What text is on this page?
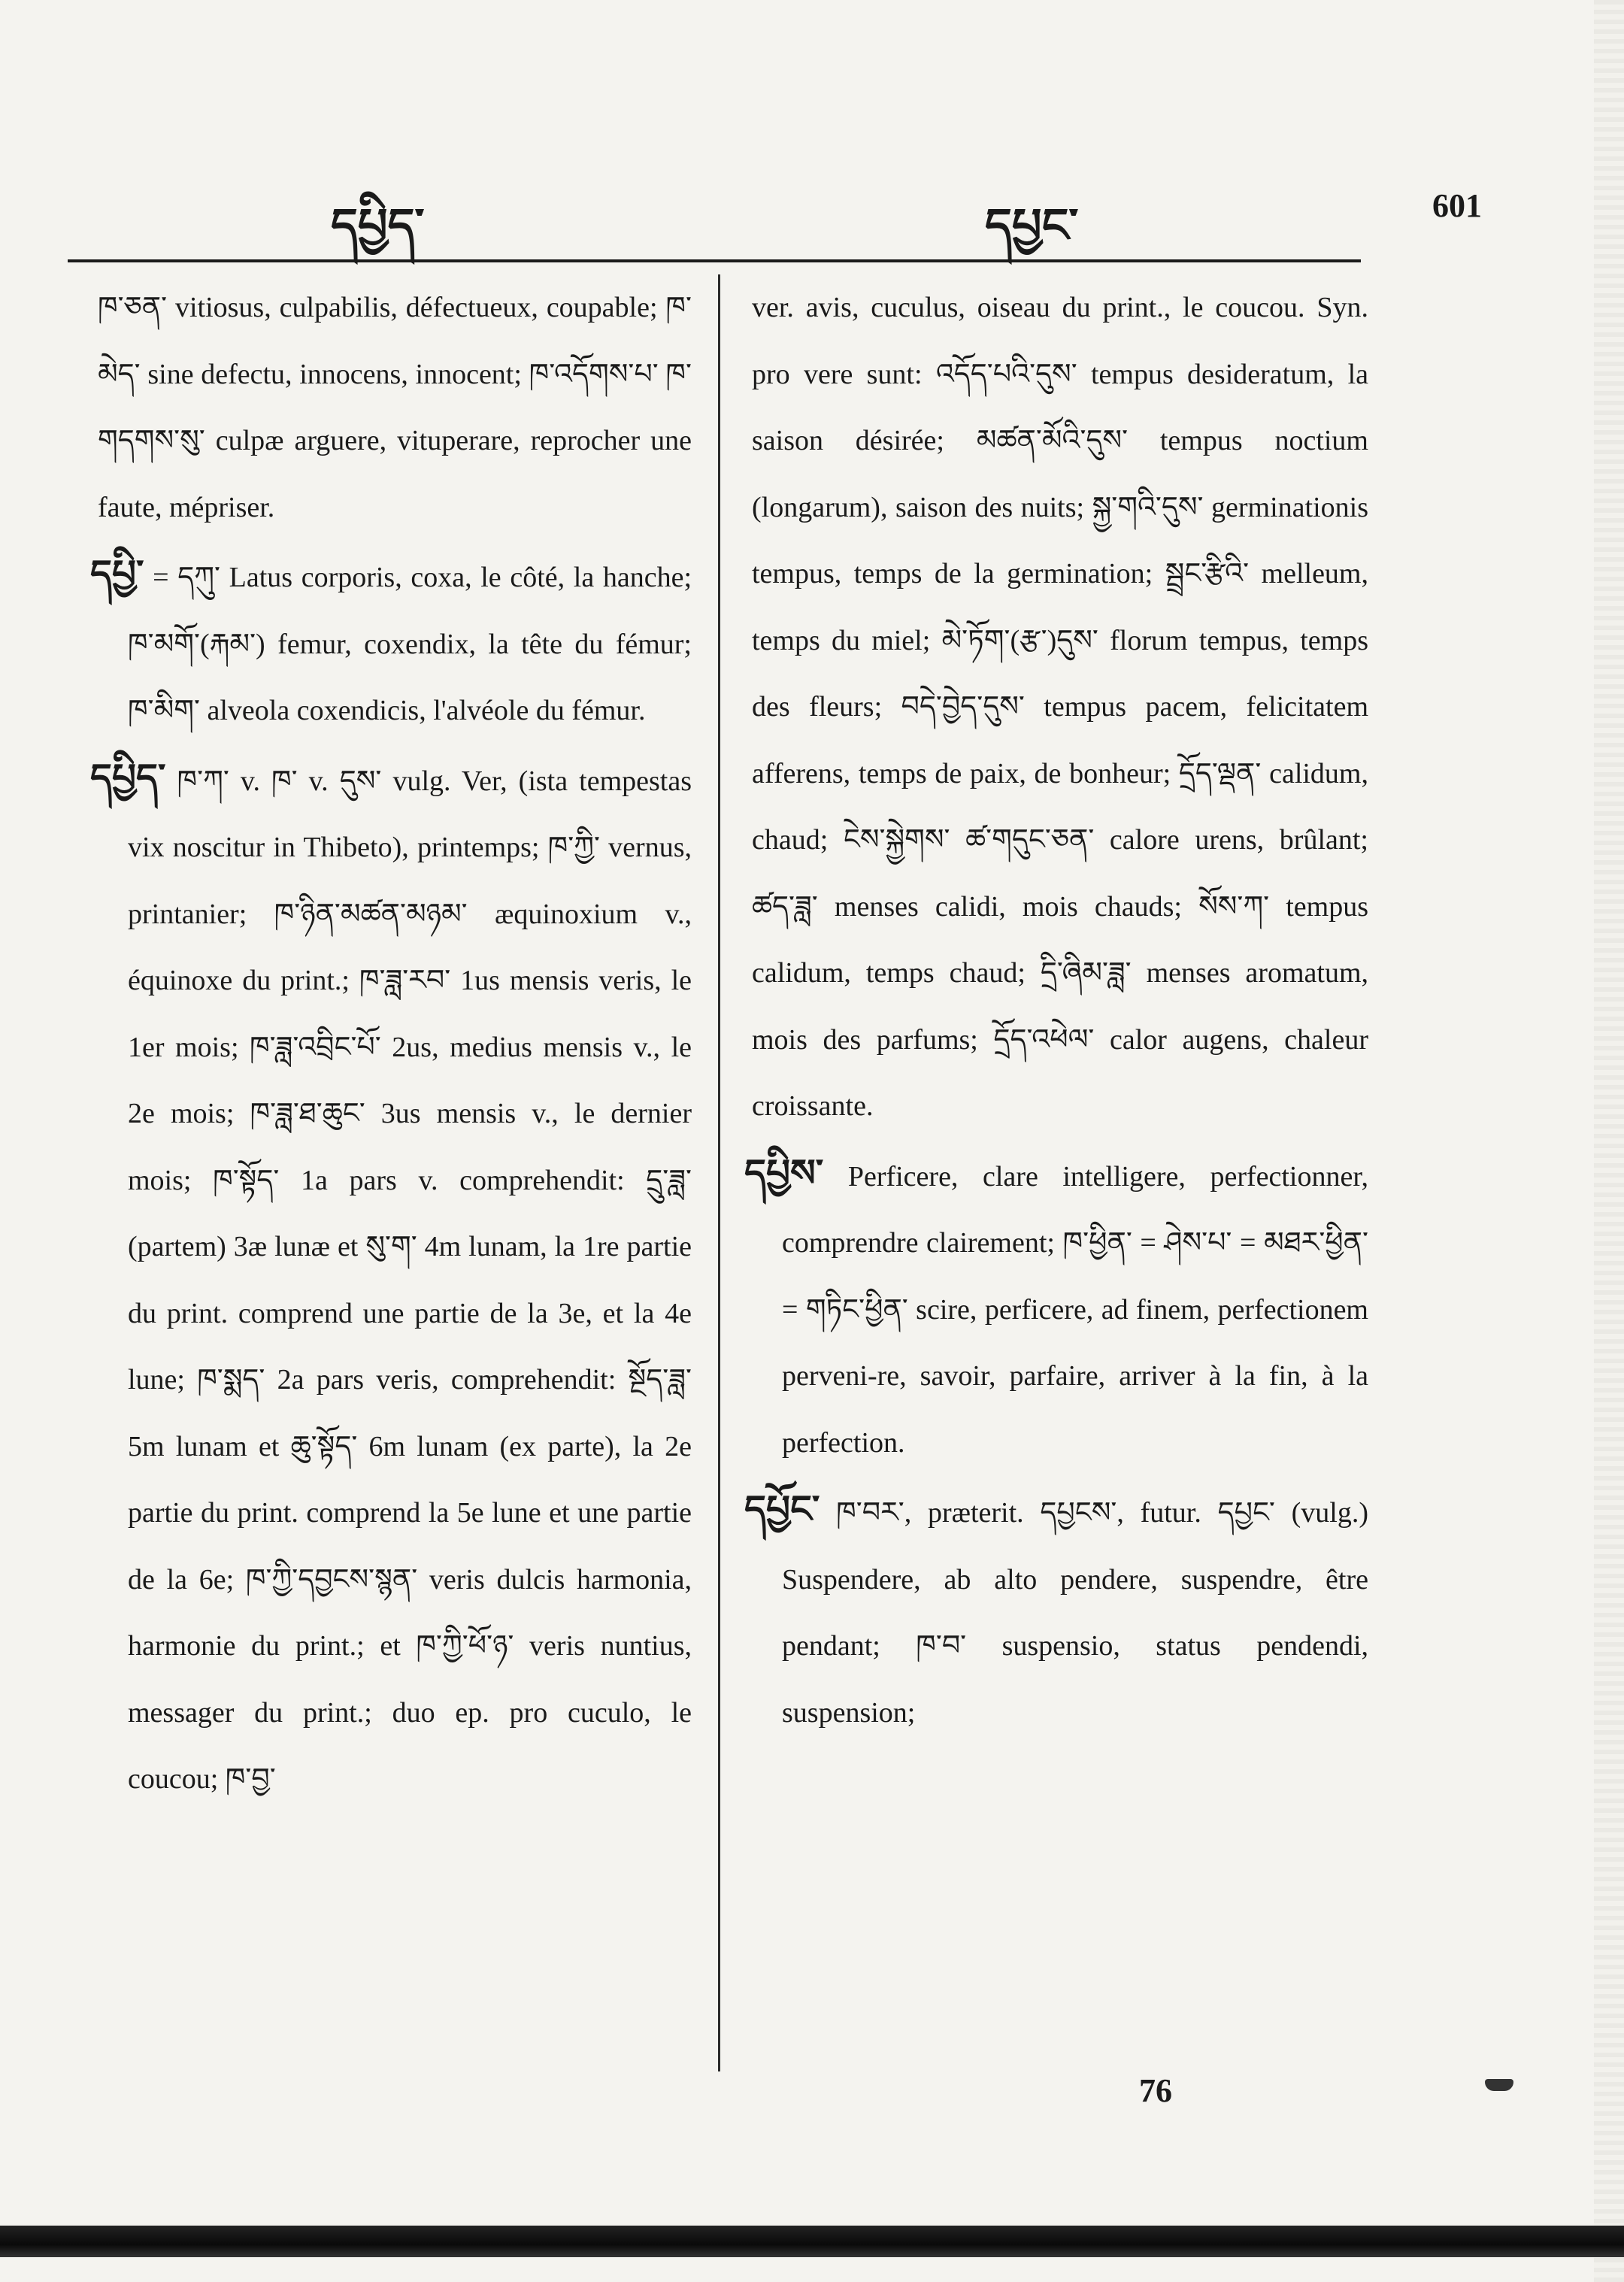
དཔྱིད་	དཔྱང་	601

ཁ་ཅན་ vitiosus, culpabilis, défectueux, coupable; ཁ་མེད་ sine defectu, innocens, innocent; ཁ་འདོགས་པ་ ཁ་གདགས་སུ་ culpæ arguere, vituperare, reprocher une faute, mépriser.

དཔྱི་ = དཀུ་ Latus corporis, coxa, le côté, la hanche; ཁ་མགོ་(རྐམ་) femur, coxendix, la tête du fémur; ཁ་མིག་ alveola coxendicis, l'alvéole du fémur.

དཔྱིད་ ཁ་ཀ་ v. ཁ་ v. དུས་ vulg. Ver, (ista tempestas vix noscitur in Thibeto), printemps; ཁ་ཀྱི་ vernus, printanier; ཁ་ཉིན་མཚན་མཉམ་ æquinoxium v., équinoxe du print.; ཁ་ཟླ་རབ་ 1us mensis veris, le 1er mois; ཁ་ཟླ་འབྲིང་པོ་ 2us, medius mensis v., le 2e mois; ཁ་ཟླ་ཐ་ཆུང་ 3us mensis v., le dernier mois; ཁ་སྟོད་ 1a pars v. comprehendit: དྲུ་ཟླ་ (partem) 3æ lunæ et སུ་ག་ 4m lunam, la 1re partie du print. comprend une partie de la 3e, et la 4e lune; ཁ་སྨད་ 2a pars veris, comprehendit: སྔོད་ཟླ་ 5m lunam et ཆུ་སྟོད་ 6m lunam (ex parte), la 2e partie du print. comprend la 5e lune et une partie de la 6e; ཁ་ཀྱི་དབྱངས་སྙན་ veris dulcis harmonia, harmonie du print.; et ཁ་ཀྱི་ཕོ་ཉ་ veris nuntius, messager du print.; duo ep. pro cuculo, le coucou; ཁ་བྱ་

ver. avis, cuculus, oiseau du print., le coucou. Syn. pro vere sunt: འདོད་པའི་དུས་ tempus desideratum, la saison désirée; མཚན་མོའི་དུས་ tempus noctium (longarum), saison des nuits; སྐྱ་གའི་དུས་ germinationis tempus, temps de la germination; སྦྲང་རྩིའི་ melleum, temps du miel; མེ་ཏོག་(རྩ་)དུས་ florum tempus, temps des fleurs; བདེ་བྱེད་དུས་ tempus pacem, felicitatem afferens, temps de paix, de bonheur; དྲོད་ལྡན་ calidum, chaud; ངེས་སྐྱེགས་ ཚ་གདུང་ཅན་ calore urens, brûlant; ཚད་ཟླ་ menses calidi, mois chauds; སོས་ཀ་ tempus calidum, temps chaud; དྲི་ཞིམ་ཟླ་ menses aromatum, mois des parfums; དྲོད་འཕེལ་ calor augens, chaleur croissante.

དཔྱིས་ Perficere, clare intelligere, perfectionner, comprendre clairement; ཁ་ཕྱིན་ = ཤེས་པ་ = མཐར་ཕྱིན་ = གཏིང་ཕྱིན་ scire, perficere, ad finem, perfectionem perveni-re, savoir, parfaire, arriver à la fin, à la perfection.

དཔྱོང་ ཁ་བར་, præterit. དཔྱངས་, futur. དཔྱང་ (vulg.) Suspendere, ab alto pendere, suspendre, être pendant; ཁ་བ་ suspensio, status pendendi, suspension;

76
